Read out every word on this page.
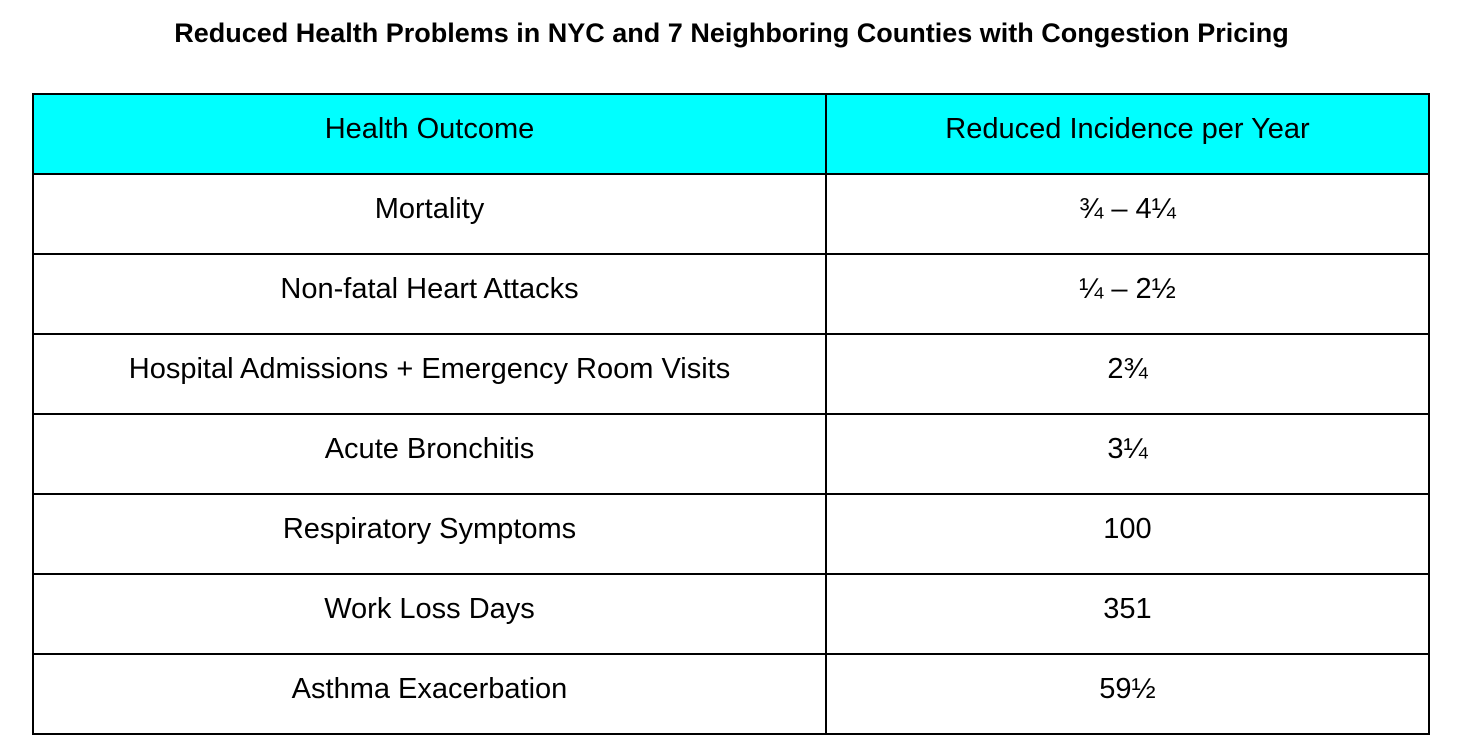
Reduced Health Problems in NYC and 7 Neighboring Counties with Congestion Pricing
Health Outcome	Reduced Incidence per Year
Mortality	¾ – 4¼
Non-fatal Heart Attacks	¼ – 2½
Hospital Admissions + Emergency Room Visits	2¾
Acute Bronchitis	3¼
Respiratory Symptoms	100
Work Loss Days	351
Asthma Exacerbation	59½
